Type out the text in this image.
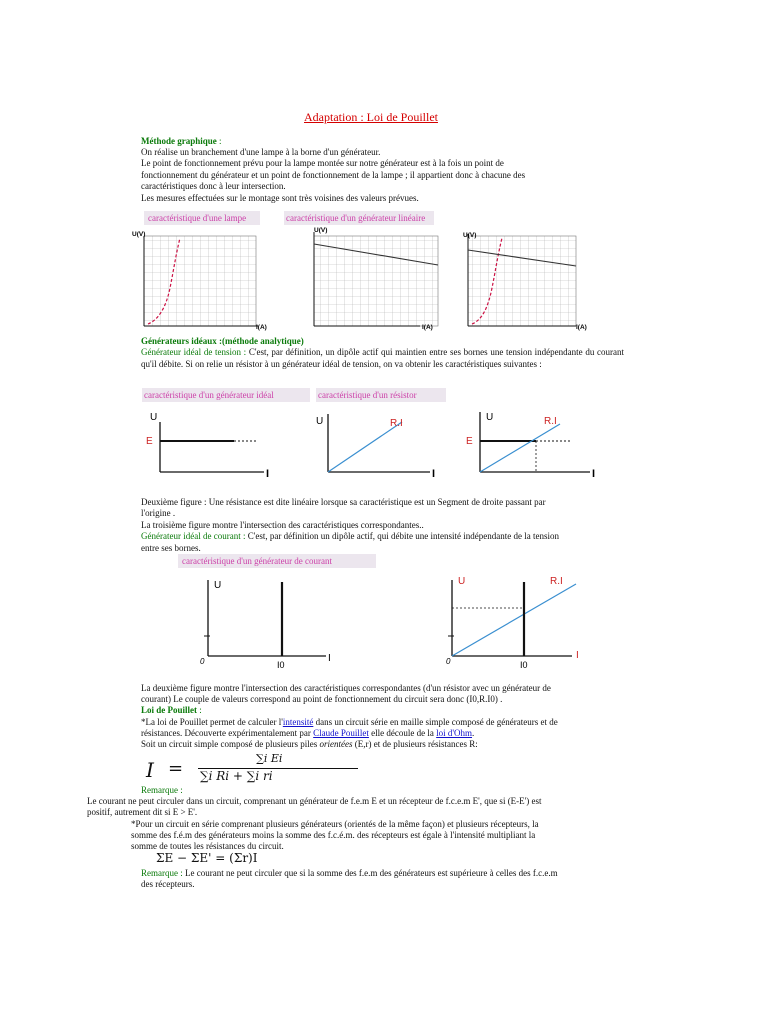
Adaptation : Loi de Pouillet
Méthode graphique :
On réalise un branchement d'une lampe à la borne d'un générateur.
Le point de fonctionnement prévu pour la lampe montée sur notre générateur est à la fois un point de
fonctionnement du générateur et un point de fonctionnement de la lampe ; il appartient donc à chacune des
caractéristiques donc à leur intersection.
Les mesures effectuées sur le montage sont très voisines des valeurs prévues.
caractéristique d'une lampe
U(V)
I(A)
caractéristique d'un générateur linéaire
U(V)
I(A)
U(V)
I(A)
Générateurs idéaux :(méthode analytique)
Générateur idéal de tension : C'est, par définition, un dipôle actif qui maintien entre ses bornes une tension indépendante du courant qu'il débite. Si on relie un résistor à un générateur idéal de tension, on va obtenir les caractéristiques suivantes :
caractéristique d'un générateur idéal	caractéristique d'un résistor
U
I
E
U
I
R.I
U
I
E
R.I
Deuxième figure : Une résistance est dite linéaire lorsque sa caractéristique est un Segment de droite passant par
l'origine .
La troisième figure montre l'intersection des caractéristiques correspondantes..
Générateur idéal de courant : C'est, par définition un dipôle actif, qui débite une intensité indépendante de la tension
entre ses bornes.
caractéristique d'un générateur de courant
U
I
0	I0
U
I
0
R.I
I0
La deuxième figure montre l'intersection des caractéristiques correspondantes (d'un résistor avec un générateur de
courant) Le couple de valeurs correspond au point de fonctionnement du circuit sera donc (I0,R.I0) .
Loi de Pouillet :
*La loi de Pouillet permet de calculer l'intensité dans un circuit série en maille simple composé de générateurs et de
résistances. Découverte expérimentalement par Claude Pouillet elle découle de la loi d'Ohm.
Soit un circuit simple composé de plusieurs piles orientées (E,r) et de plusieurs résistances R:
I =	∑i Ei
∑i Ri + ∑i ri
Remarque :
Le courant ne peut circuler dans un circuit, comprenant un générateur de f.e.m E et un récepteur de f.c.e.m E', que si (E-E') est
positif, autrement dit si E > E'.
*Pour un circuit en série comprenant plusieurs générateurs (orientés de la même façon) et plusieurs récepteurs, la
somme des f.é.m des générateurs moins la somme des f.c.é.m. des récepteurs est égale à l'intensité multipliant la
somme de toutes les résistances du circuit.
ΣE − ΣE' = (Σr)I
Remarque : Le courant ne peut circuler que si la somme des f.e.m des générateurs est supérieure à celles des f.c.e.m
des récepteurs.
